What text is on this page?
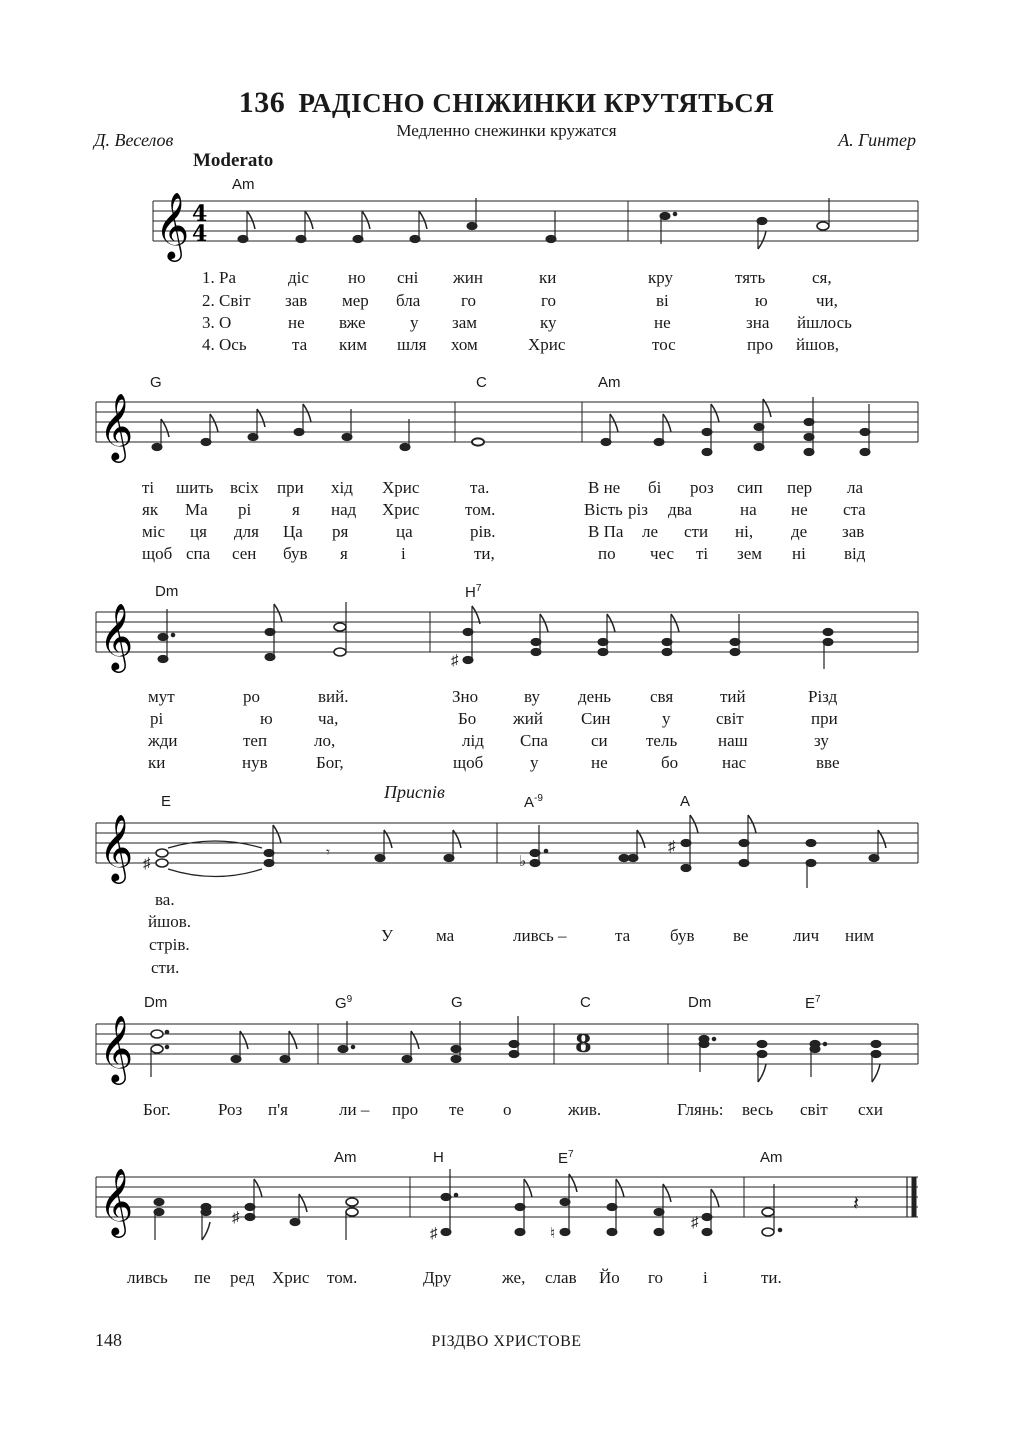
136 РАДІСНО СНІЖИНКИ КРУТЯТЬСЯ
Медленно снежинки кружатся
Д. Веселов	А. Гинтер
Moderato
Am
𝄞 4
4
1. Ра	діс но сні жин	ки	кру	тять	ся,
2. Світ зав мер бла го	го	ві	ю	чи,
3. О	не вже	у зам	ку	не	зна йшлось
4. Ось	та ким шля хом	Хрис	тос	про йшов,
G	C	Am
𝄞
ті шить всіх при хід Хрис	та.	В не бі роз сип пер ла
як Ма рі я над Хрис	том.	Вість різ два	на не ста
міс ця для Ца ря	ца	рів.	В Па ле сти ні, де зав
щоб спа сен був я	і	ти,	по чес ті зем ні від
Dm	$H^7$
𝄞	♯
мут	ро	вий.	Зно	ву день свя	тий	Різд
рі	ю	ча,	Бо жий Син	у	світ	при
жди	теп	ло,	лід Спа	си тель наш	зу
ки	нув	Бог,	щоб	у	не	бо	нас	вве
E	Приспів
$A^{-9}$	A
𝄞 ♯
𝄾
♭
♯
ва.
йшов.
стрів.
сти.
У	ма	ливсь –	та був ве	лич ним
Dm	$G^9$	G	C	Dm	$E^7$
𝄞	8
Бог.	Роз п'я	ли – про те о	жив.	Глянь: весь світ схи
Am	H	$E^7$	Am
𝄞	♯
♯	♮
♯
𝄽
ливсь пе ред Хрис том.	Дру	же, слав Йо го і	ти.
148	РІЗДВО ХРИСТОВЕ
